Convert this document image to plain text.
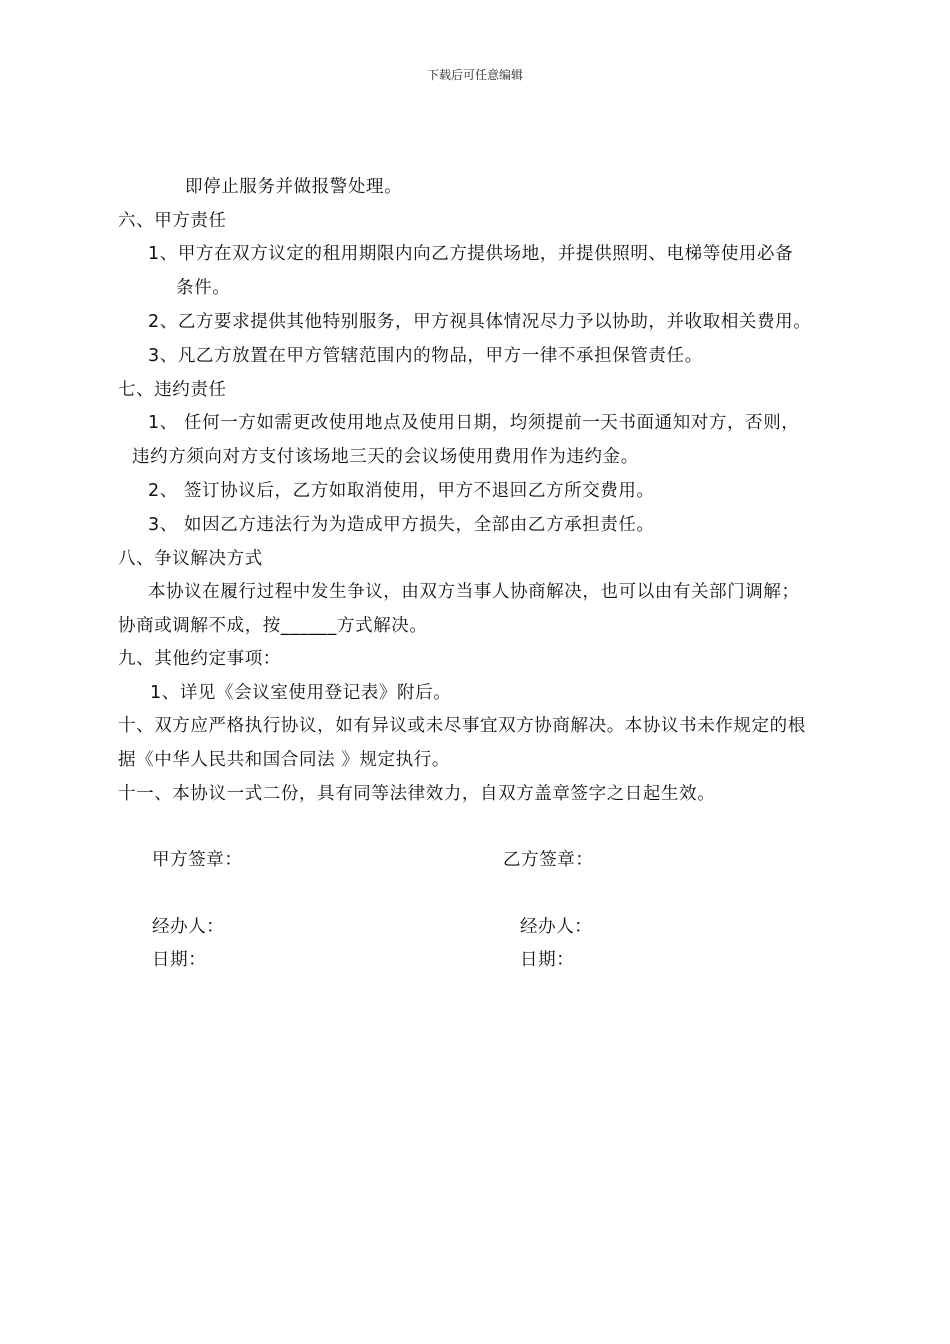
下载后可任意编辑
即停止服务并做报警处理。
六、甲方责任
1、甲方在双方议定的租用期限内向乙方提供场地，并提供照明、电梯等使用必备
条件。
2、乙方要求提供其他特别服务，甲方视具体情况尽力予以协助，并收取相关费用。
3、凡乙方放置在甲方管辖范围内的物品，甲方一律不承担保管责任。
七、违约责任
1、 任何一方如需更改使用地点及使用日期，均须提前一天书面通知对方，否则，
违约方须向对方支付该场地三天的会议场使用费用作为违约金。
2、 签订协议后，乙方如取消使用，甲方不退回乙方所交费用。
3、 如因乙方违法行为为造成甲方损失，全部由乙方承担责任。
八、争议解决方式
本协议在履行过程中发生争议，由双方当事人协商解决，也可以由有关部门调解；
协商或调解不成，按______方式解决。
九、其他约定事项：
1、详见《会议室使用登记表》附后。
十、双方应严格执行协议，如有异议或未尽事宜双方协商解决。本协议书未作规定的根
据《中华人民共和国合同法 》规定执行。
十一、本协议一式二份，具有同等法律效力，自双方盖章签字之日起生效。
甲方签章：	乙方签章：
经办人：	经办人：
日期：	日期：
